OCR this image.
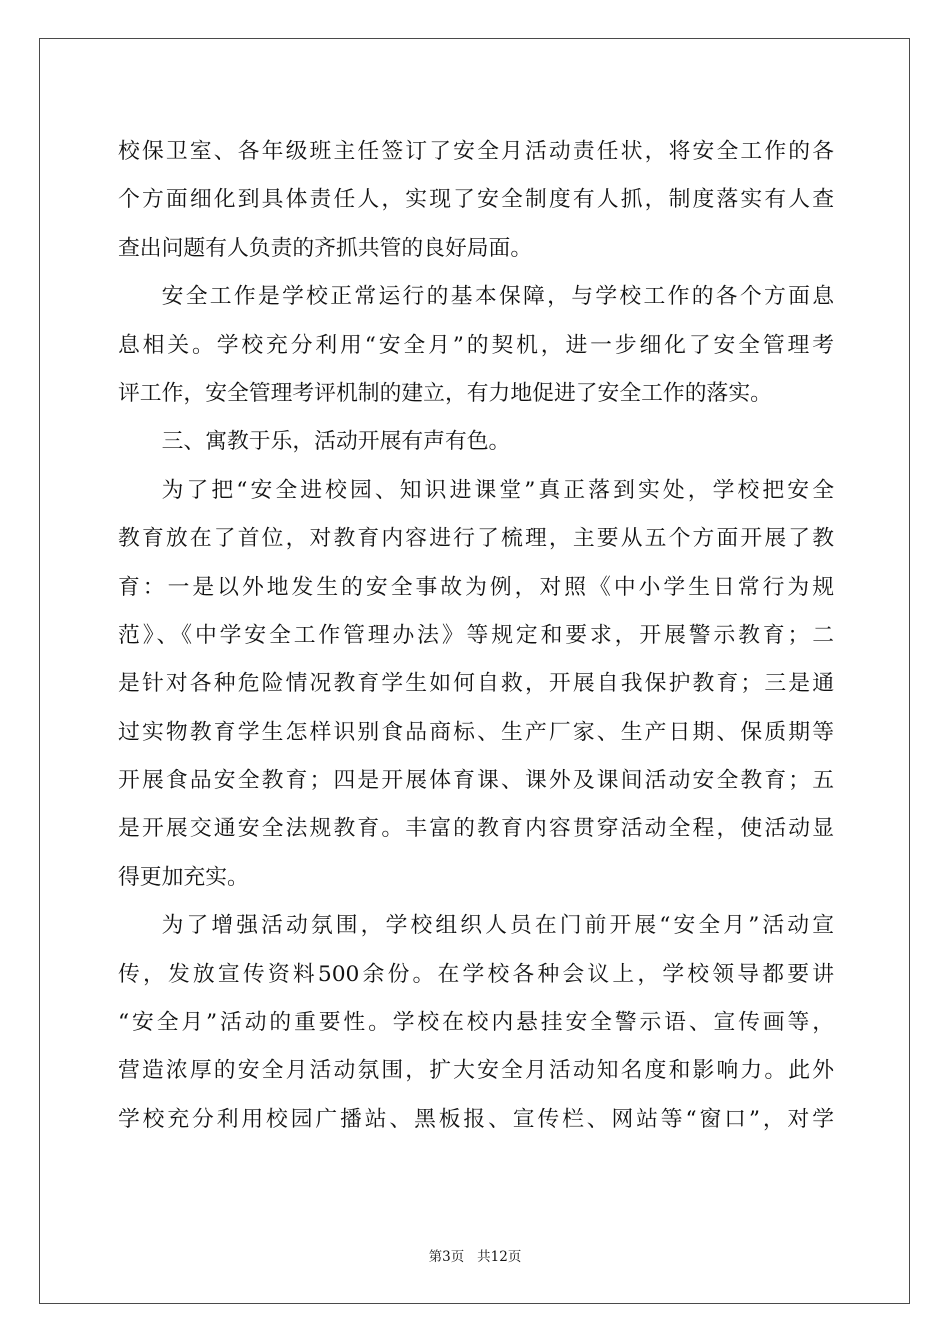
校保卫室、各年级班主任签订了安全月活动责任状，将安全工作的各
个方面细化到具体责任人，实现了安全制度有人抓，制度落实有人查
查出问题有人负责的齐抓共管的良好局面。
安全工作是学校正常运行的基本保障，与学校工作的各个方面息
息相关。学校充分利用“安全月”的契机，进一步细化了安全管理考
评工作，安全管理考评机制的建立，有力地促进了安全工作的落实。
三、寓教于乐，活动开展有声有色。
为了把“安全进校园、知识进课堂”真正落到实处，学校把安全
教育放在了首位，对教育内容进行了梳理，主要从五个方面开展了教
育：一是以外地发生的安全事故为例，对照《中小学生日常行为规
范》、《中学安全工作管理办法》等规定和要求，开展警示教育；二
是针对各种危险情况教育学生如何自救，开展自我保护教育；三是通
过实物教育学生怎样识别食品商标、生产厂家、生产日期、保质期等
开展食品安全教育；四是开展体育课、课外及课间活动安全教育；五
是开展交通安全法规教育。丰富的教育内容贯穿活动全程，使活动显
得更加充实。
为了增强活动氛围，学校组织人员在门前开展“安全月”活动宣
传，发放宣传资料500余份。在学校各种会议上，学校领导都要讲
“安全月”活动的重要性。学校在校内悬挂安全警示语、宣传画等，
营造浓厚的安全月活动氛围，扩大安全月活动知名度和影响力。此外
学校充分利用校园广播站、黑板报、宣传栏、网站等“窗口”，对学
第3页 共12页
